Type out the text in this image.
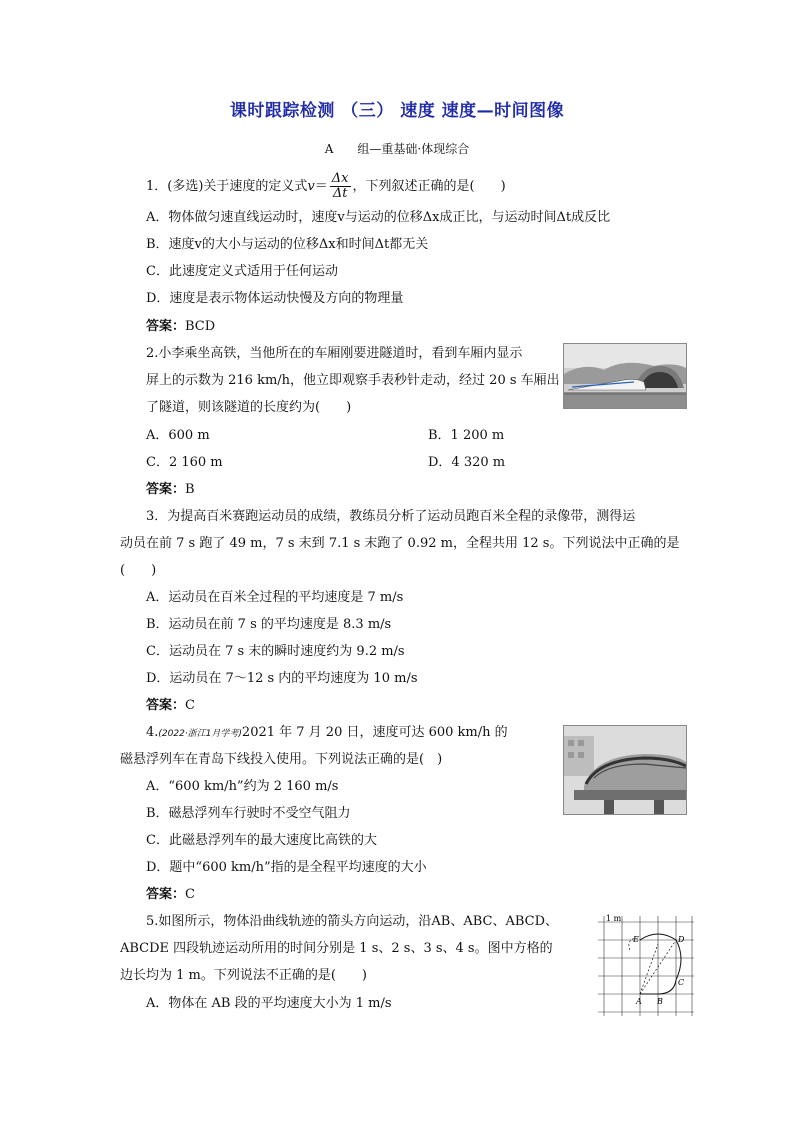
课时跟踪检测 （三） 速度 速度—时间图像
A　　组—重基础·体现综合
1．(多选)关于速度的定义式$v= \frac{\Delta x}{\Delta t}$ ，下列叙述正确的是(　　)
A．物体做匀速直线运动时，速度v与运动的位移Δx成正比，与运动时间Δt成反比
B．速度v的大小与运动的位移Δx和时间Δt都无关
C．此速度定义式适用于任何运动
D．速度是表示物体运动快慢及方向的物理量
答案：BCD
2.小李乘坐高铁，当他所在的车厢刚要进隧道时，看到车厢内显示
屏上的示数为 216 km/h，他立即观察手表秒针走动，经过 20 s 车厢出
了隧道，则该隧道的长度约为(　　)
A．600 m	B．1 200 m
C．2 160 m	D．4 320 m
答案：B
3．为提高百米赛跑运动员的成绩，教练员分析了运动员跑百米全程的录像带，测得运
动员在前 7 s 跑了 49 m，7 s 末到 7.1 s 末跑了 0.92 m，全程共用 12 s。下列说法中正确的是
(　　)
A．运动员在百米全过程的平均速度是 7 m/s
B．运动员在前 7 s 的平均速度是 8.3 m/s
C．运动员在 7 s 末的瞬时速度约为 9.2 m/s
D．运动员在 7～12 s 内的平均速度为 10 m/s
答案：C
4.(2022·浙江1月学考)2021 年 7 月 20 日，速度可达 600 km/h 的
磁悬浮列车在青岛下线投入使用。下列说法正确的是(　)
A．“600 km/h”约为 2 160 m/s
B．磁悬浮列车行驶时不受空气阻力
C．此磁悬浮列车的最大速度比高铁的大
D．题中“600 km/h”指的是全程平均速度的大小
答案：C
5.如图所示，物体沿曲线轨迹的箭头方向运动，沿AB、ABC、ABCD、
ABCDE 四段轨迹运动所用的时间分别是 1 s、2 s、3 s、4 s。图中方格的
边长均为 1 m。下列说法不正确的是(　　)
A．物体在 AB 段的平均速度大小为 1 m/s
1 m
A B
C
D
E
